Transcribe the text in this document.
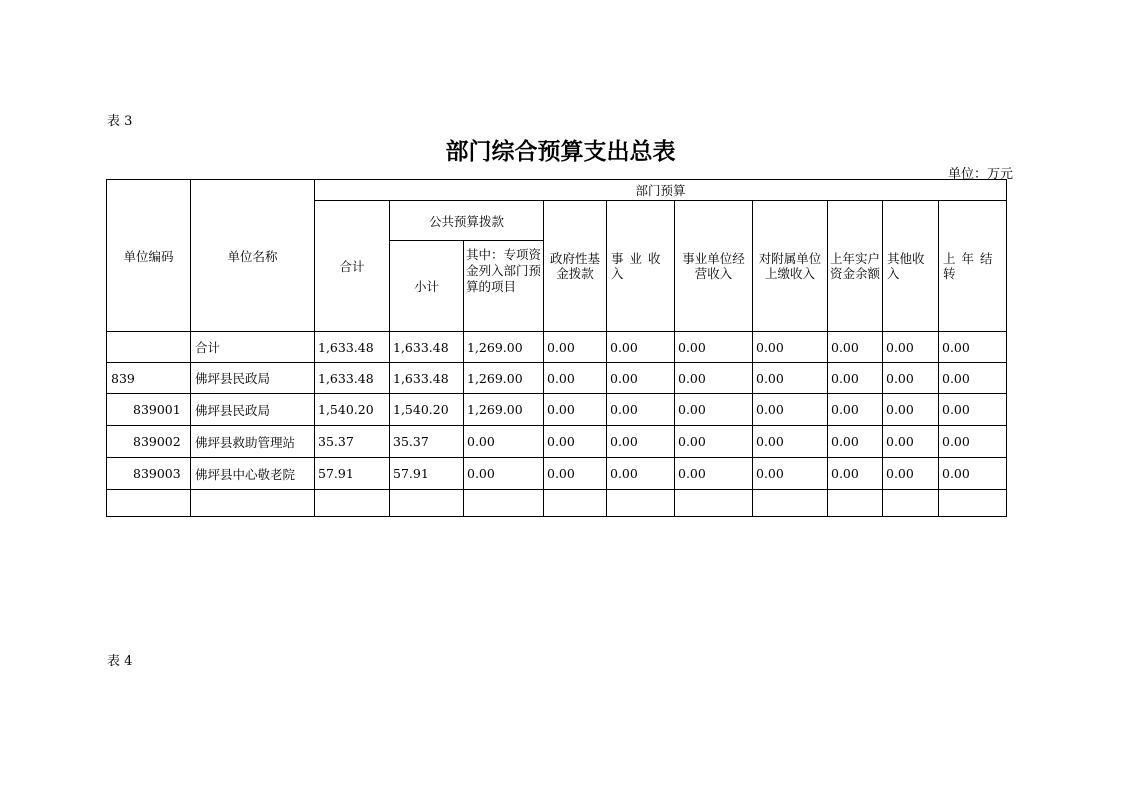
表 3
部门综合预算支出总表
单位：万元
单位编码	单位名称	部门预算									
		合计	公共预算拨款		政府性基金拨款	事业收入	事业单位经营收入	对附属单位上缴收入	上年实户资金余额	其他收入	上年结转
			小计	其中：专项资金列入部门预算的项目							
	合计	1,633.48	1,633.48	1,269.00	0.00	0.00	0.00	0.00	0.00	0.00	0.00
839	佛坪县民政局	1,633.48	1,633.48	1,269.00	0.00	0.00	0.00	0.00	0.00	0.00	0.00
839001	佛坪县民政局	1,540.20	1,540.20	1,269.00	0.00	0.00	0.00	0.00	0.00	0.00	0.00
839002	佛坪县救助管理站	35.37	35.37	0.00	0.00	0.00	0.00	0.00	0.00	0.00	0.00
839003	佛坪县中心敬老院	57.91	57.91	0.00	0.00	0.00	0.00	0.00	0.00	0.00	0.00

表 4
